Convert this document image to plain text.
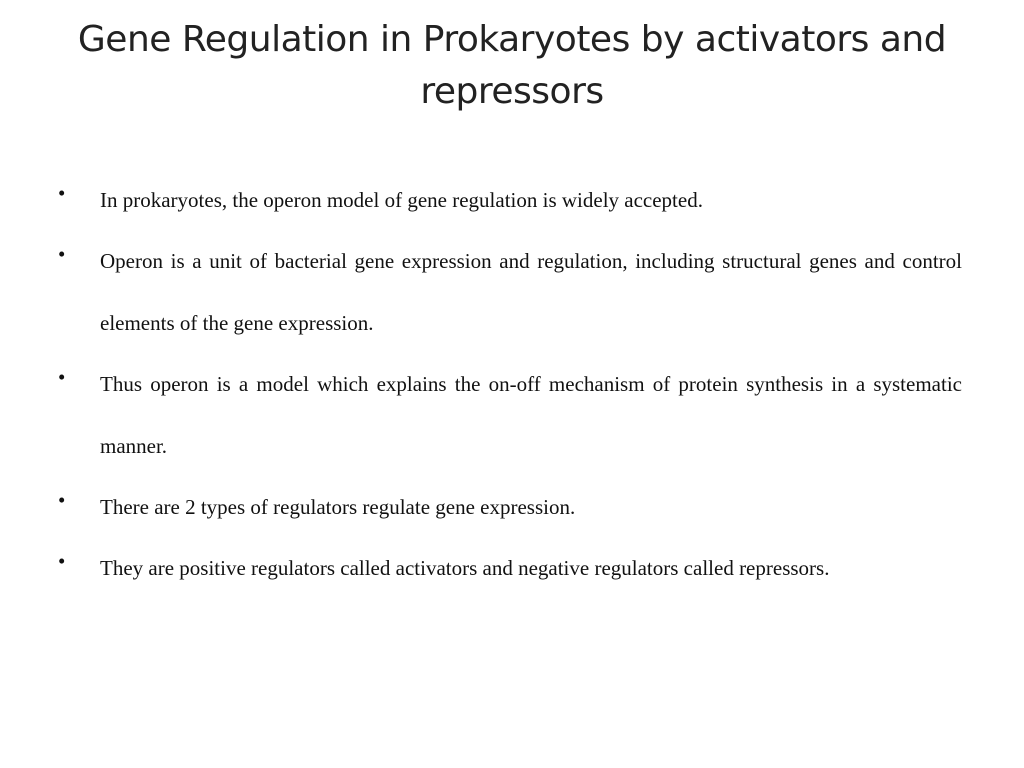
Gene Regulation in Prokaryotes by activators and repressors
•	In prokaryotes, the operon model of gene regulation is widely accepted.
•	Operon is a unit of bacterial gene expression and regulation, including structural genes and control elements of the gene expression.
•	Thus operon is a model which explains the on-off mechanism of protein synthesis in a systematic manner.
•	There are 2 types of regulators regulate gene expression.
•	They are positive regulators called activators and negative regulators called repressors.
